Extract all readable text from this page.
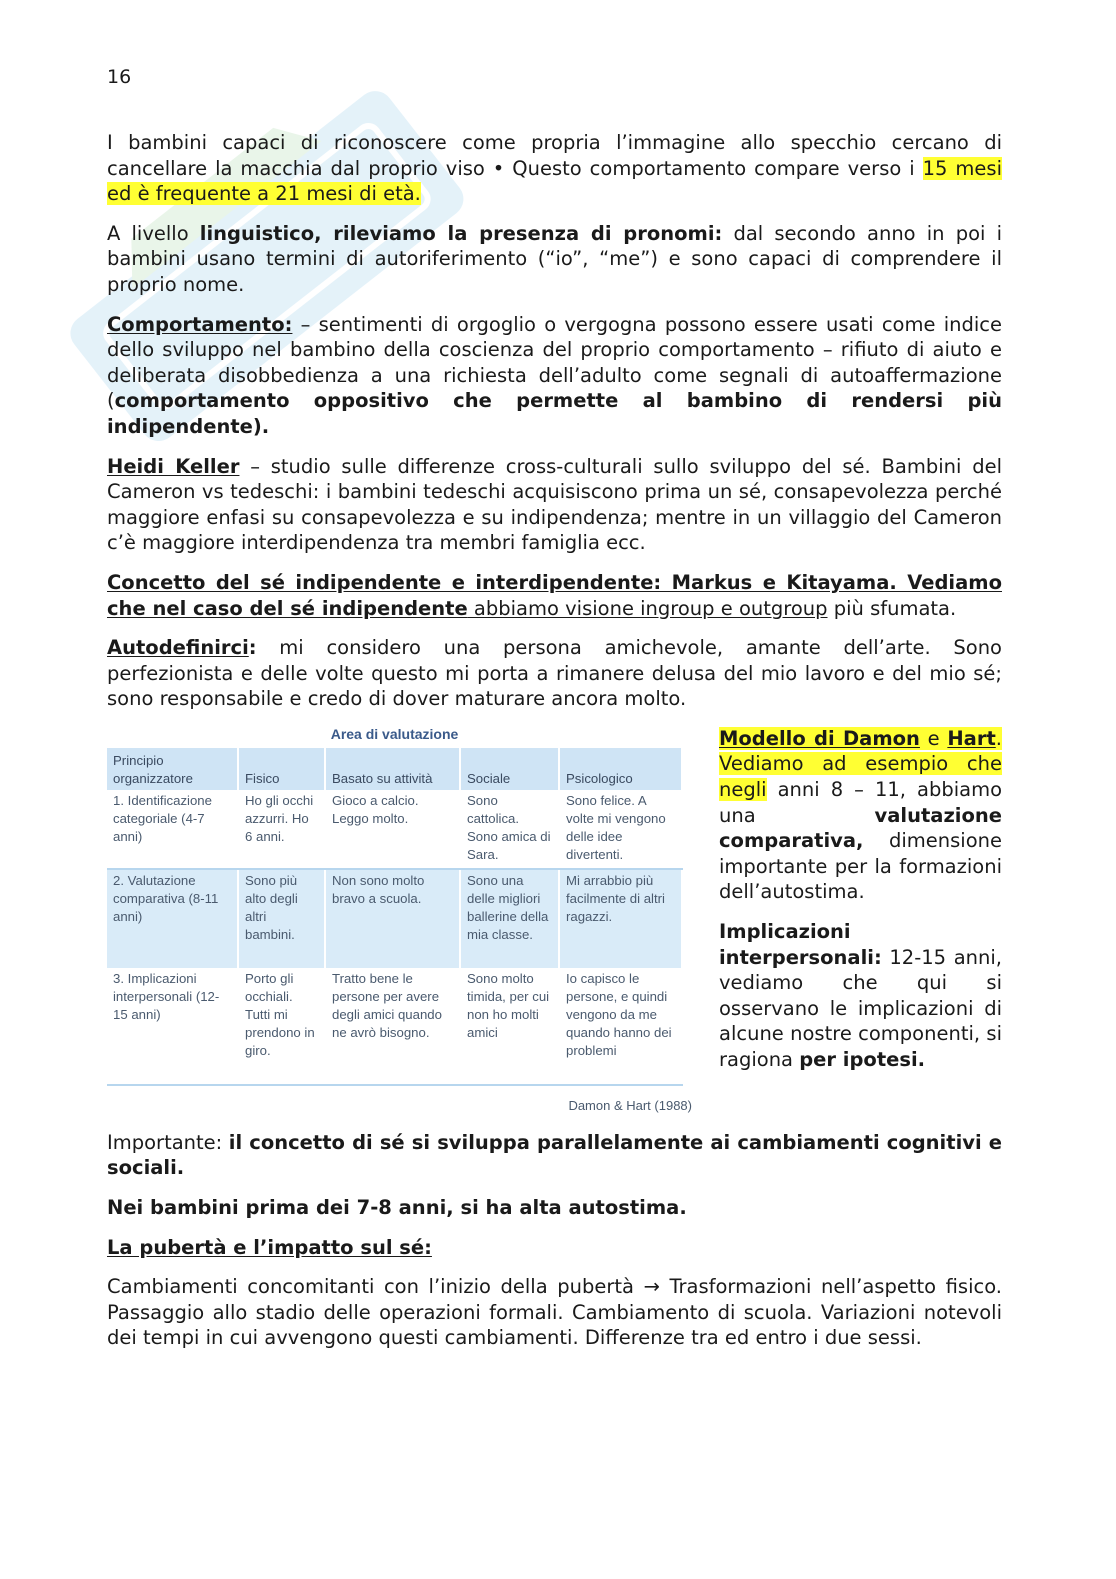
16

I bambini capaci di riconoscere come propria l’immagine allo specchio cercano di cancellare la macchia dal proprio viso • Questo comportamento compare verso i 15 mesi ed è frequente a 21 mesi di età.

A livello linguistico, rileviamo la presenza di pronomi: dal secondo anno in poi i bambini usano termini di autoriferimento (“io”, “me”) e sono capaci di comprendere il proprio nome.

Comportamento: – sentimenti di orgoglio o vergogna possono essere usati come indice dello sviluppo nel bambino della coscienza del proprio comportamento – rifiuto di aiuto e deliberata disobbedienza a una richiesta dell’adulto come segnali di autoaffermazione (comportamento oppositivo che permette al bambino di rendersi più indipendente).

Heidi Keller – studio sulle differenze cross-culturali sullo sviluppo del sé. Bambini del Cameron vs tedeschi: i bambini tedeschi acquisiscono prima un sé, consapevolezza perché maggiore enfasi su consapevolezza e su indipendenza; mentre in un villaggio del Cameron c’è maggiore interdipendenza tra membri famiglia ecc.

Concetto del sé indipendente e interdipendente: Markus e Kitayama. Vediamo che nel caso del sé indipendente abbiamo visione ingroup e outgroup più sfumata.

Autodefinirci: mi considero una persona amichevole, amante dell’arte. Sono perfezionista e delle volte questo mi porta a rimanere delusa del mio lavoro e del mio sé; sono responsabile e credo di dover maturare ancora molto.

Area di valutazione
Principio organizzatore	Fisico	Basato su attività	Sociale	Psicologico
1. Identificazione categoriale (4-7 anni)	Ho gli occhi azzurri. Ho 6 anni.	Gioco a calcio. Leggo molto.	Sono cattolica. Sono amica di Sara.	Sono felice. A volte mi vengono delle idee divertenti.
2. Valutazione comparativa (8-11 anni)	Sono più alto degli altri bambini.	Non sono molto bravo a scuola.	Sono una delle migliori ballerine della mia classe.	Mi arrabbio più facilmente di altri ragazzi.
3. Implicazioni interpersonali (12-15 anni)	Porto gli occhiali. Tutti mi prendono in giro.	Tratto bene le persone per avere degli amici quando ne avrò bisogno.	Sono molto timida, per cui non ho molti amici	Io capisco le persone, e quindi vengono da me quando hanno dei problemi
Damon & Hart (1988)

Modello di Damon e Hart. Vediamo ad esempio che negli anni 8 – 11, abbiamo una valutazione comparativa, dimensione importante per la formazioni dell’autostima.

Implicazioni interpersonali: 12-15 anni, vediamo che qui si osservano le implicazioni di alcune nostre componenti, si ragiona per ipotesi.

Importante: il concetto di sé si sviluppa parallelamente ai cambiamenti cognitivi e sociali.

Nei bambini prima dei 7-8 anni, si ha alta autostima.

La pubertà e l’impatto sul sé:

Cambiamenti concomitanti con l’inizio della pubertà → Trasformazioni nell’aspetto fisico. Passaggio allo stadio delle operazioni formali. Cambiamento di scuola. Variazioni notevoli dei tempi in cui avvengono questi cambiamenti. Differenze tra ed entro i due sessi.
